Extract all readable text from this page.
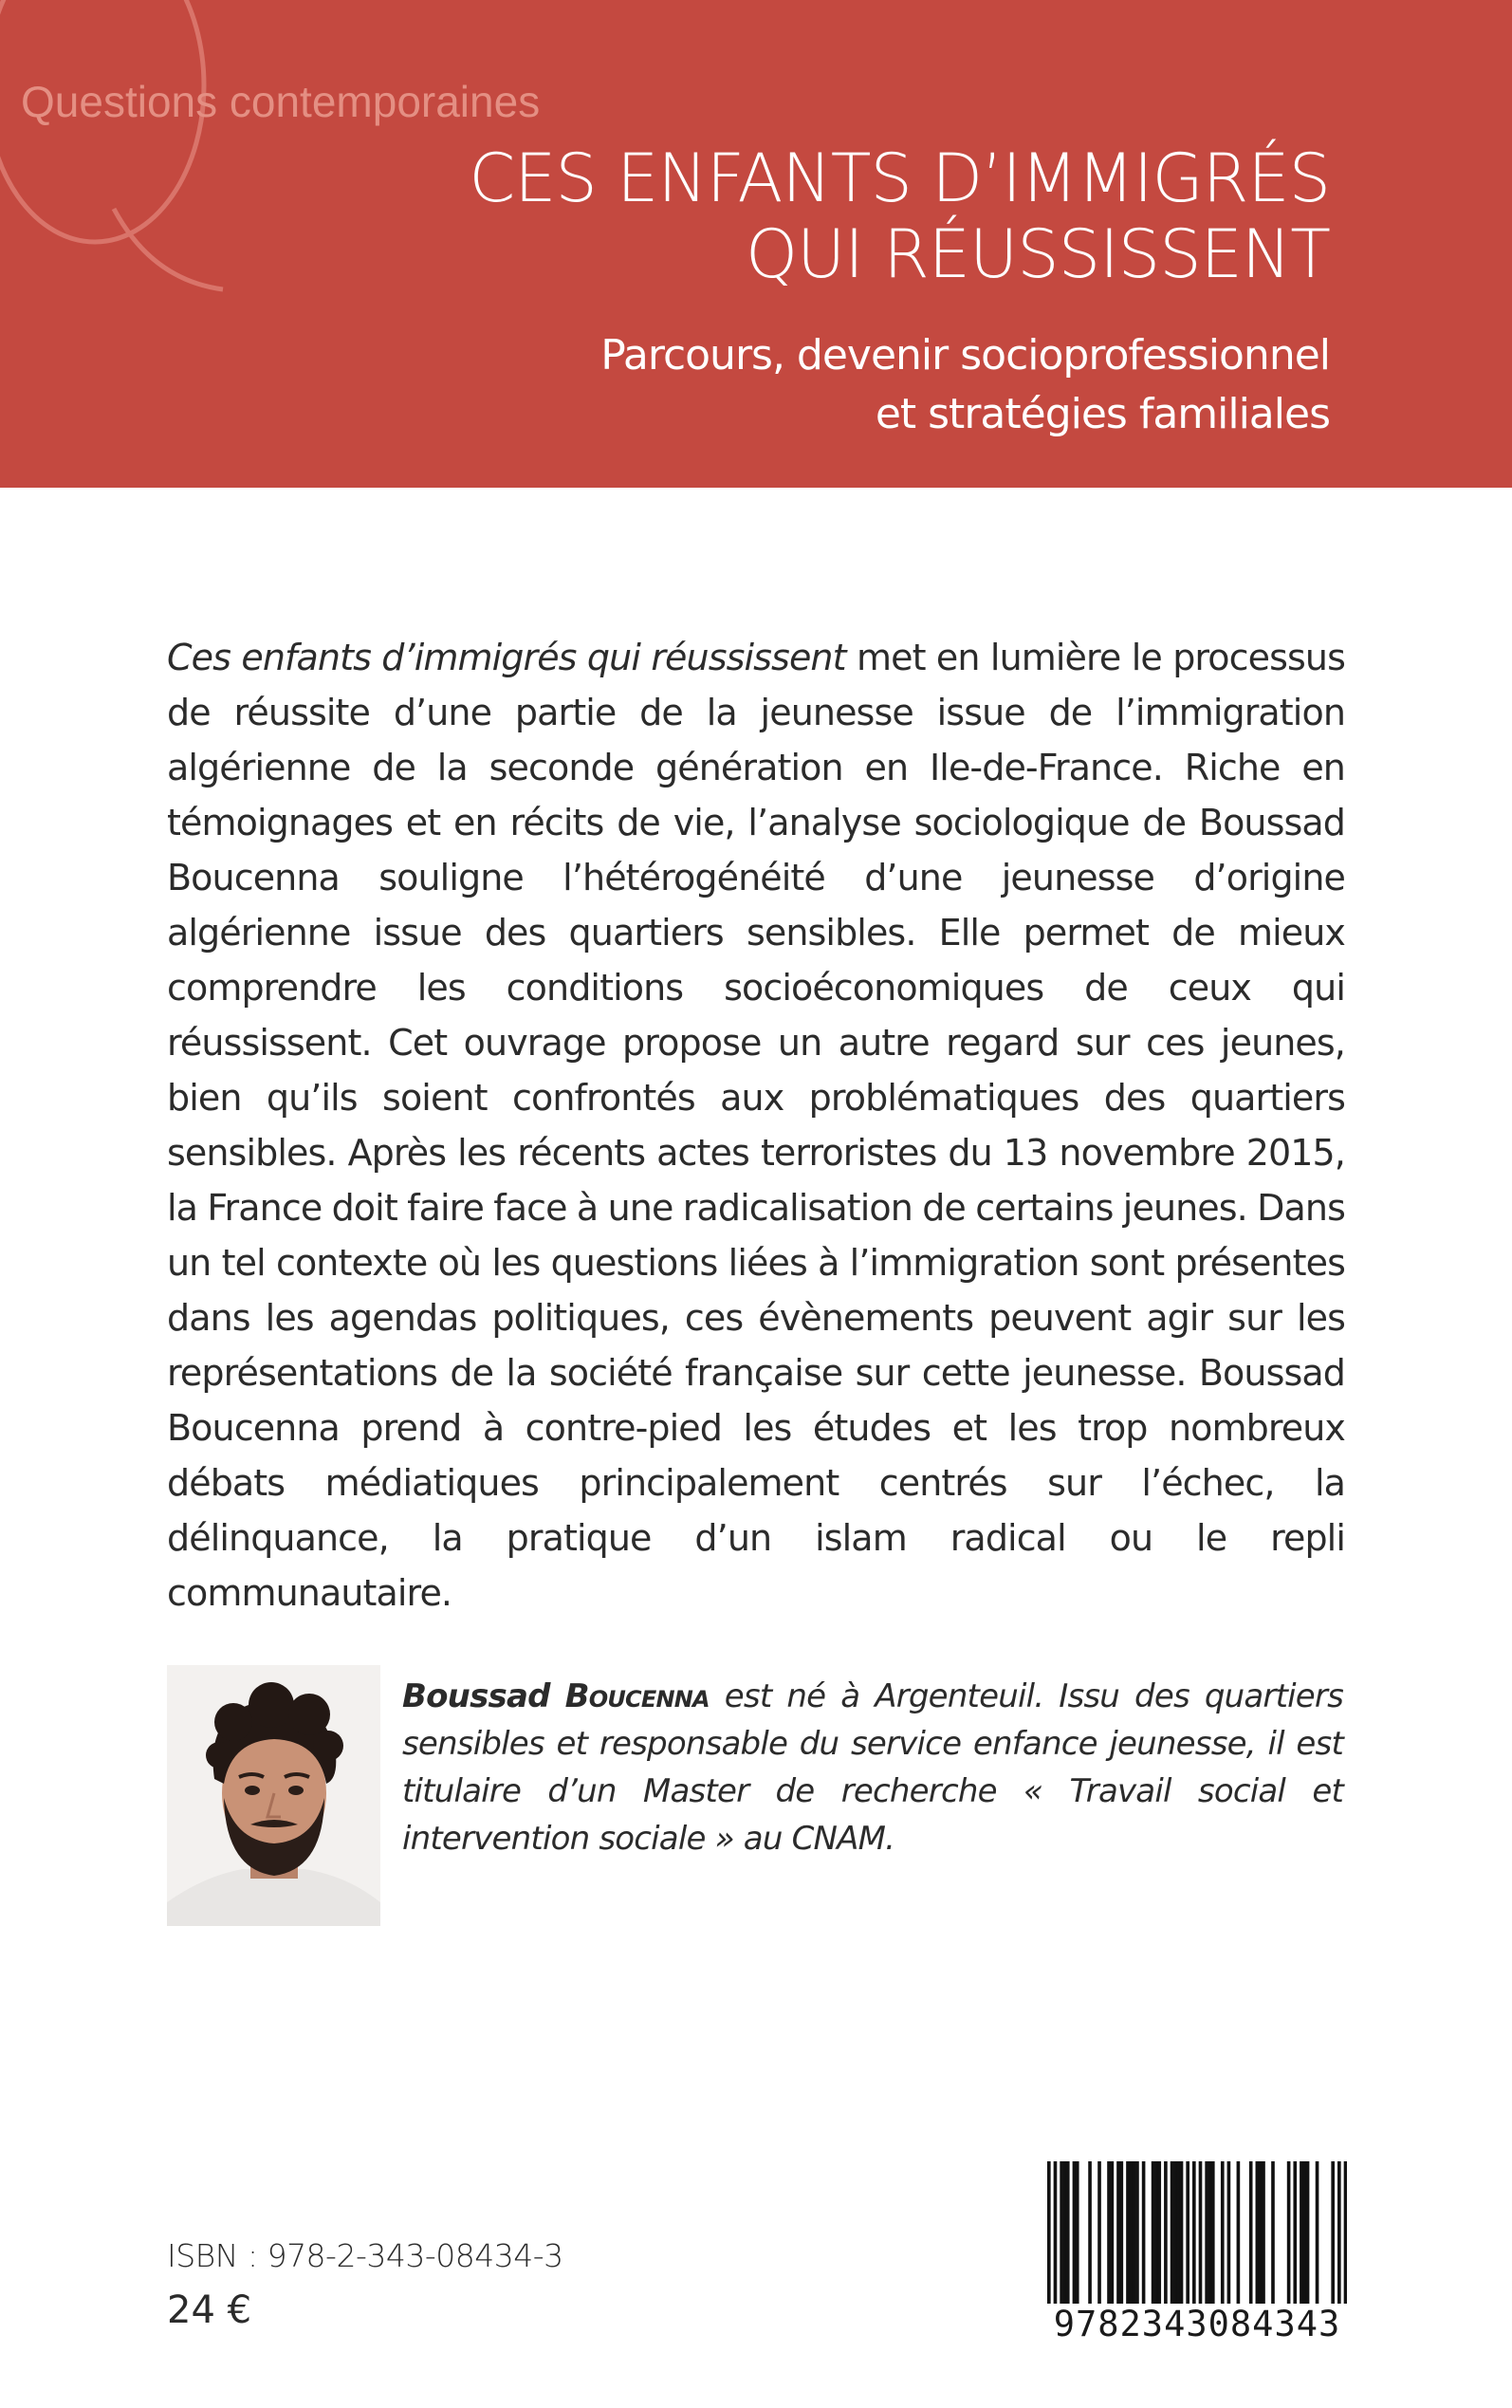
Questions contemporaines
CES ENFANTS D’IMMIGRÉS
QUI RÉUSSISSENT
Parcours, devenir socioprofessionnel
et stratégies familiales
Ces enfants d’immigrés qui réussissent met en lumière le processus de réussite d’une partie de la jeunesse issue de l’immigration algérienne de la seconde génération en Ile-de-France. Riche en témoignages et en récits de vie, l’analyse sociologique de Boussad Boucenna souligne l’hétérogénéité d’une jeunesse d’origine algérienne issue des quartiers sensibles. Elle permet de mieux comprendre les conditions socioéconomiques de ceux qui réussissent. Cet ouvrage propose un autre regard sur ces jeunes, bien qu’ils soient confrontés aux problématiques des quartiers sensibles. Après les récents actes terroristes du 13 novembre 2015, la France doit faire face à une radicalisation de certains jeunes. Dans un tel contexte où les questions liées à l’immigration sont présentes dans les agendas politiques, ces évènements peuvent agir sur les représentations de la société française sur cette jeunesse. Boussad Boucenna prend à contre-pied les études et les trop nombreux débats médiatiques principalement centrés sur l’échec, la délinquance, la pratique d’un islam radical ou le repli communautaire.
Boussad Boucenna est né à Argenteuil. Issu des quartiers sensibles et responsable du service enfance jeunesse, il est titulaire d’un Master de recherche « Travail social et intervention sociale » au CNAM.
ISBN : 978-2-343-08434-3
24 €	9782343084343
